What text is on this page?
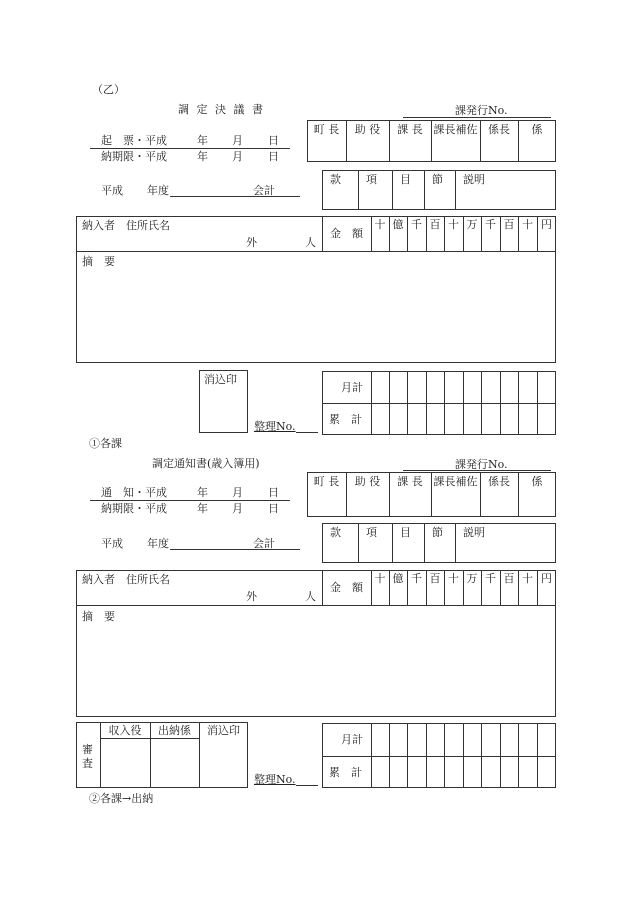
（乙）
調 定 決 議 書	課発行No.
起　票・平成	年 月 日
納期限・平成	年 月 日
町 長	助 役	課 長 課長補佐 係長	係
平成 年度	会計
款 項 目 節 説明
納入者　住所氏名
外	人
金　額
十 億 千 百 十 万 千 百 十 円
摘　要
消込印
整理No.
月計
累　計
①各課
調定通知書(歳入簿用)	課発行No.
通　知・平成	年 月 日
納期限・平成	年 月 日
町 長	助 役	課 長 課長補佐 係長	係
平成 年度	会計
款 項 目 節 説明
納入者　住所氏名
外	人
金　額
十 億 千 百 十 万 千 百 十 円
摘　要
審査
収入役	出納係	消込印
整理No.
月計
累　計
②各課→出納
